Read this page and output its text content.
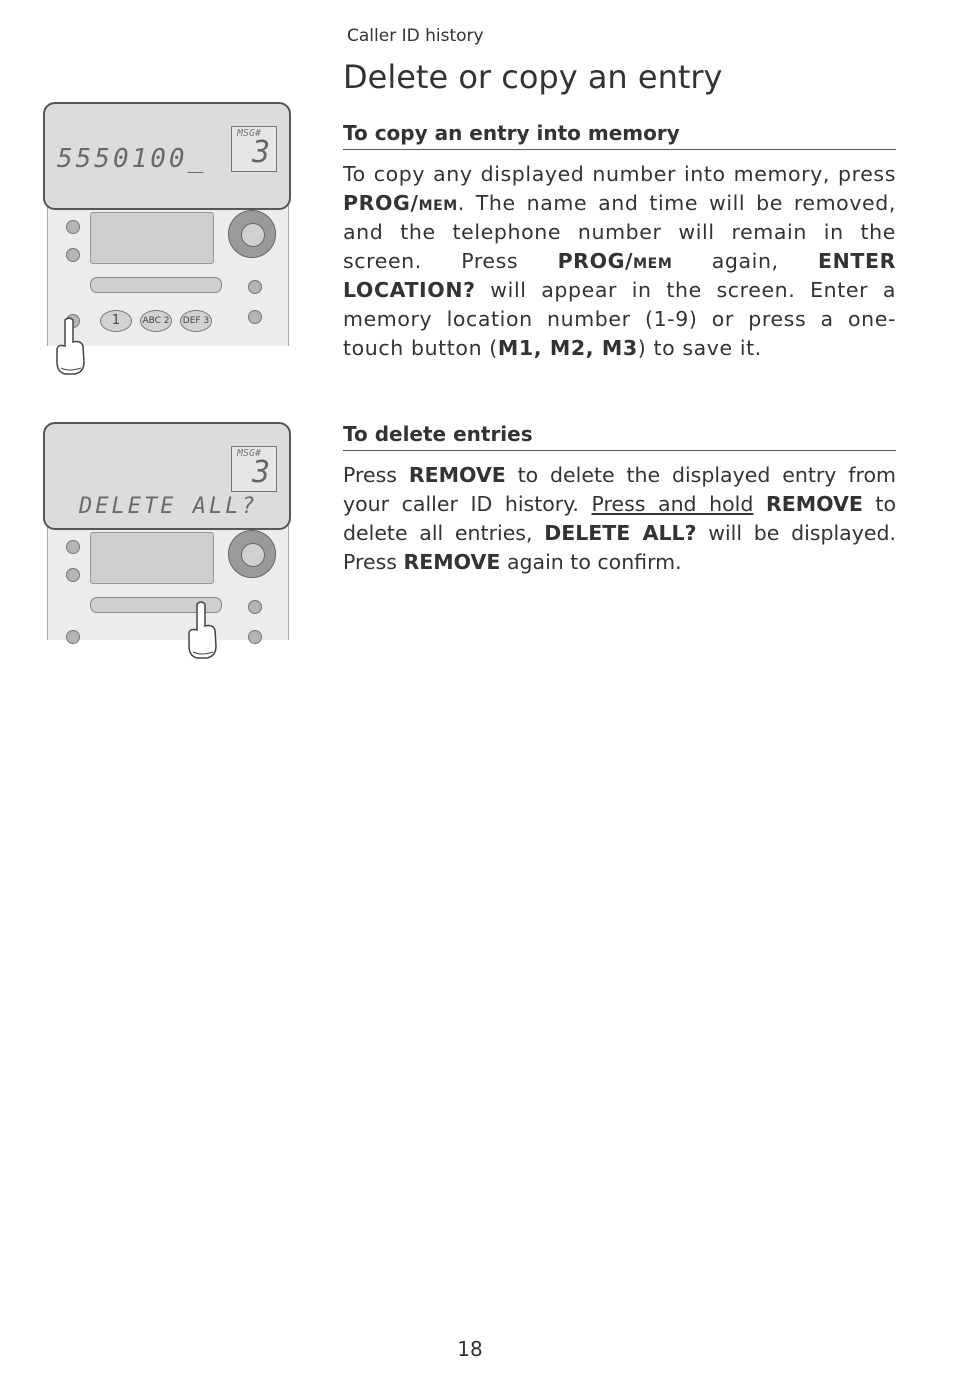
Caller ID history
Delete or copy an entry
5550100_
MSG#
3
1	ABC 2	DEF 3
DELETE ALL?
MSG#
3
To copy an entry into memory

To copy any displayed number into memory, press PROG/mem. The name and time will be removed, and the telephone number will remain in the screen. Press PROG/mem again, ENTER LOCATION? will appear in the screen. Enter a memory location number (1-9) or press a one-touch button (M1, M2, M3) to save it.

To delete entries

Press REMOVE to delete the displayed entry from your caller ID history. Press and hold REMOVE to delete all entries, DELETE ALL? will be displayed. Press REMOVE again to confirm.

18
